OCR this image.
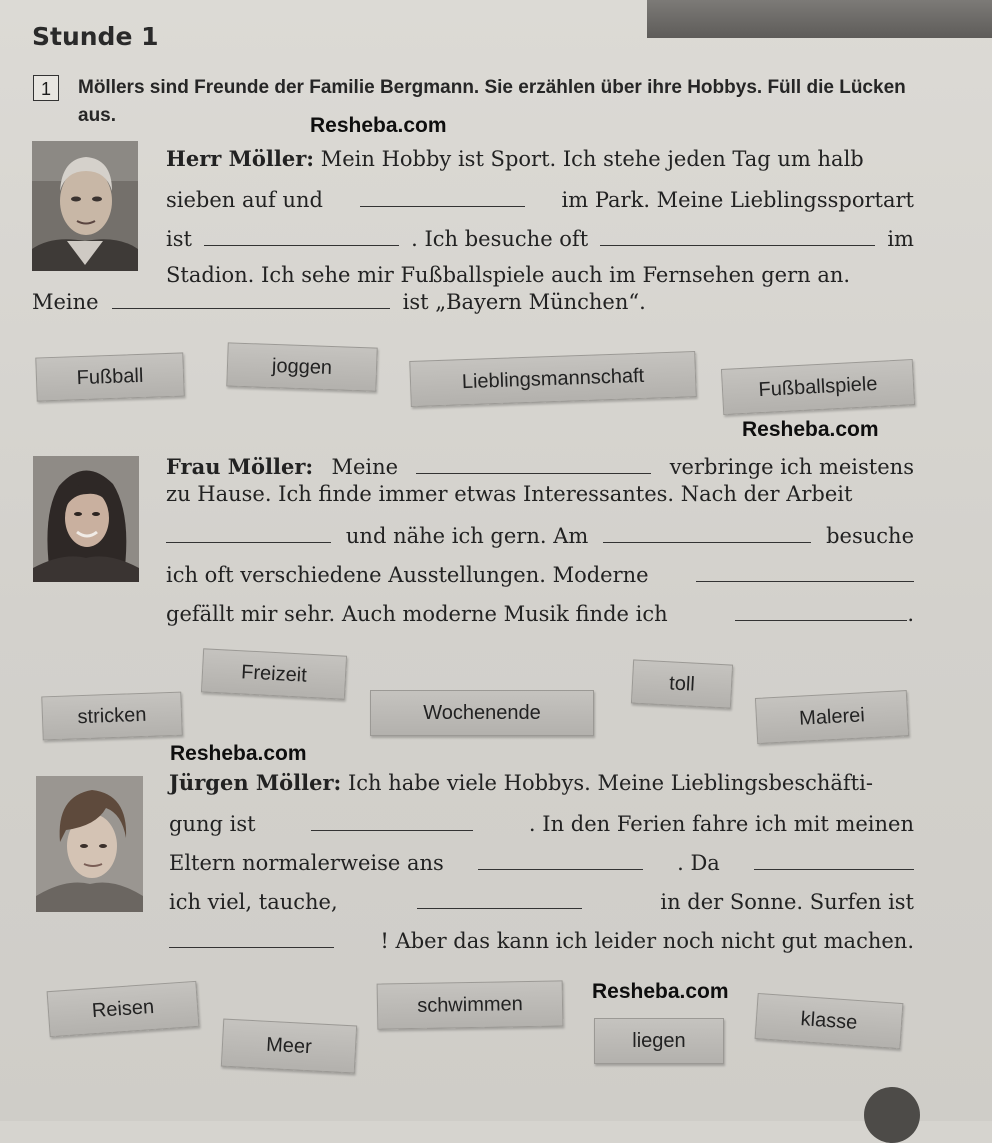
Stunde 1
1	Möllers sind Freunde der Familie Bergmann. Sie erzählen über ihre Hobbys. Füll die Lücken aus.	Resheba.com
Resheba.com
Resheba.com
Resheba.com
Herr Möller: Mein Hobby ist Sport. Ich stehe jeden Tag um halb
sieben auf und	im Park. Meine Lieblingssportart
ist	. Ich besuche oft	im
Stadion. Ich sehe mir Fußballspiele auch im Fernsehen gern an.
Meine	ist „Bayern München“.
Fußball	joggen	Lieblingsmannschaft	Fußballspiele
Frau Möller: Meine	verbringe ich meistens
zu Hause. Ich finde immer etwas Interessantes. Nach der Arbeit
und nähe ich gern. Am	besuche
ich oft verschiedene Ausstellungen. Moderne
gefällt mir sehr. Auch moderne Musik finde ich	.
Freizeit	toll
stricken	Wochenende	Malerei
Jürgen Möller: Ich habe viele Hobbys. Meine Lieblingsbeschäfti-
gung ist	. In den Ferien fahre ich mit meinen
Eltern normalerweise ans	. Da
ich viel, tauche,	in der Sonne. Surfen ist
! Aber das kann ich leider noch nicht gut machen.
Reisen	schwimmen
klasse
Meer	liegen
